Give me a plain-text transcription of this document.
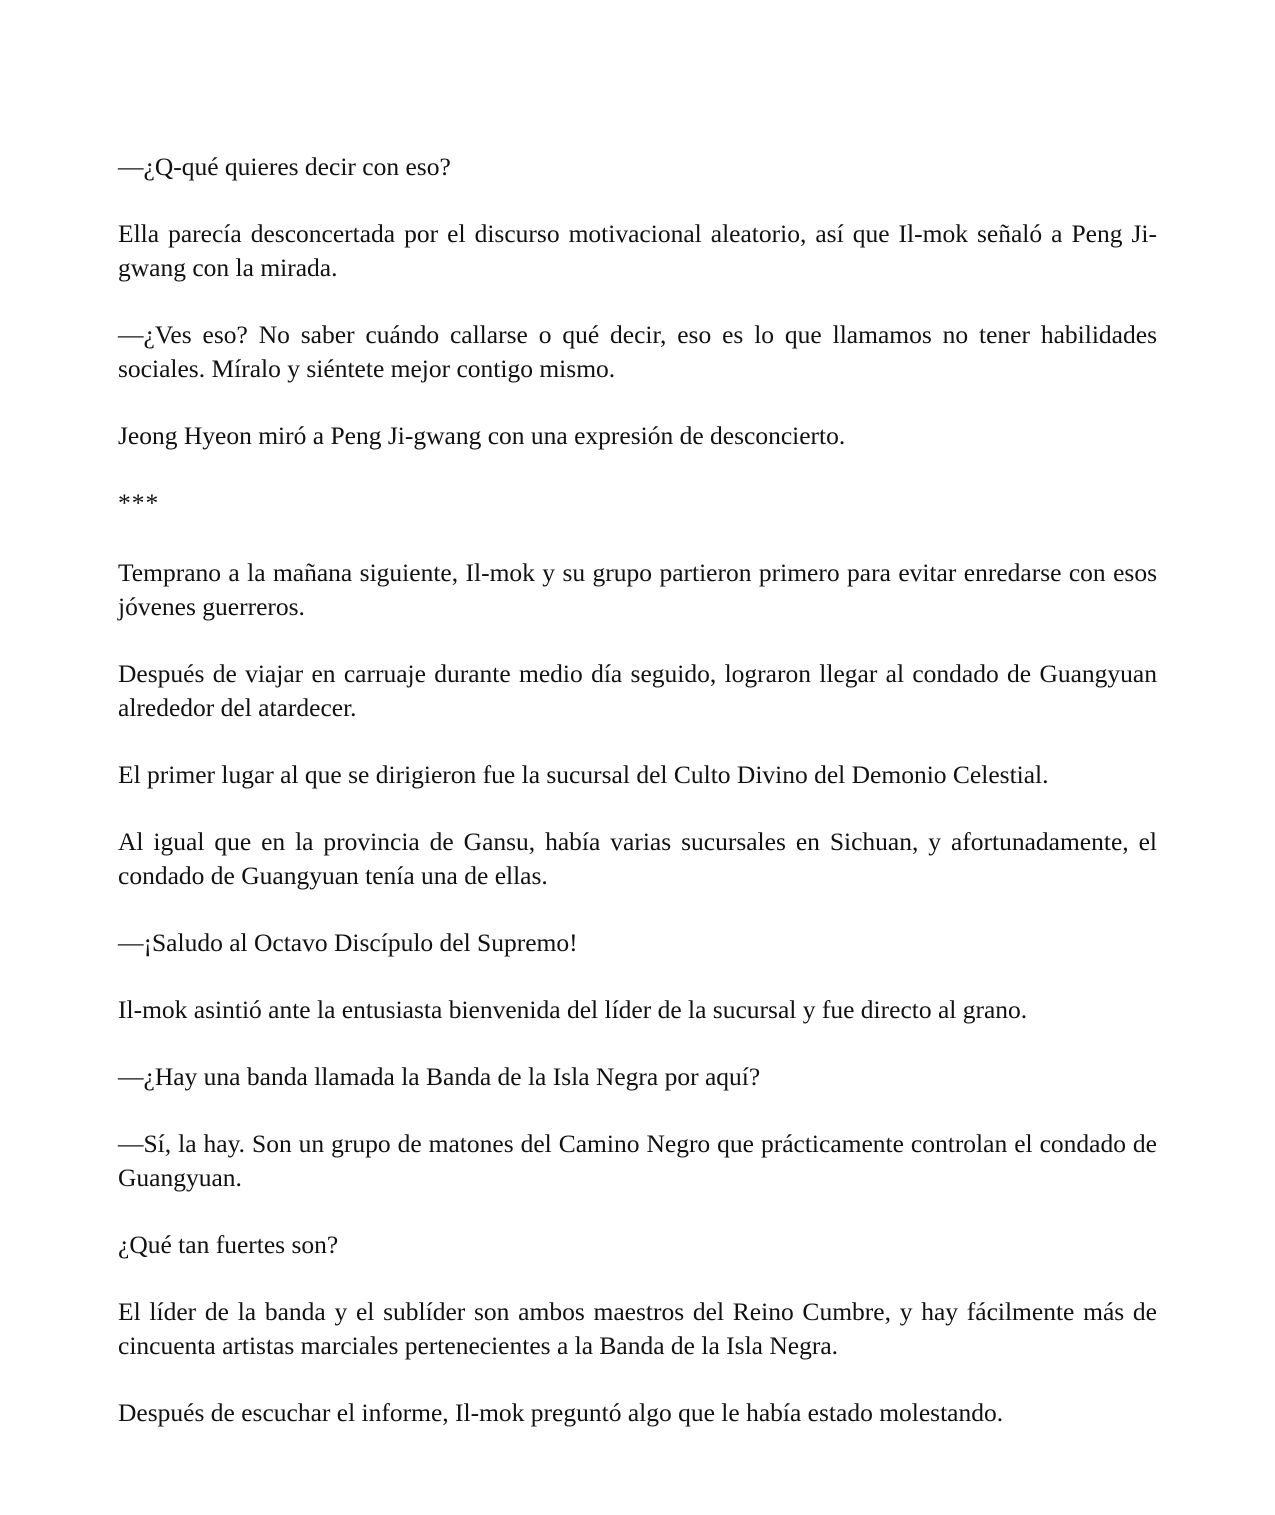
—¿Q-qué quieres decir con eso?

Ella parecía desconcertada por el discurso motivacional aleatorio, así que Il-mok señaló a Peng Ji-gwang con la mirada.

—¿Ves eso? No saber cuándo callarse o qué decir, eso es lo que llamamos no tener habilidades sociales. Míralo y siéntete mejor contigo mismo.

Jeong Hyeon miró a Peng Ji-gwang con una expresión de desconcierto.

***

Temprano a la mañana siguiente, Il-mok y su grupo partieron primero para evitar enredarse con esos jóvenes guerreros.

Después de viajar en carruaje durante medio día seguido, lograron llegar al condado de Guangyuan alrededor del atardecer.

El primer lugar al que se dirigieron fue la sucursal del Culto Divino del Demonio Celestial.

Al igual que en la provincia de Gansu, había varias sucursales en Sichuan, y afortunadamente, el condado de Guangyuan tenía una de ellas.

—¡Saludo al Octavo Discípulo del Supremo!

Il-mok asintió ante la entusiasta bienvenida del líder de la sucursal y fue directo al grano.

—¿Hay una banda llamada la Banda de la Isla Negra por aquí?

—Sí, la hay. Son un grupo de matones del Camino Negro que prácticamente controlan el condado de Guangyuan.

¿Qué tan fuertes son?

El líder de la banda y el sublíder son ambos maestros del Reino Cumbre, y hay fácilmente más de cincuenta artistas marciales pertenecientes a la Banda de la Isla Negra.

Después de escuchar el informe, Il-mok preguntó algo que le había estado molestando.
